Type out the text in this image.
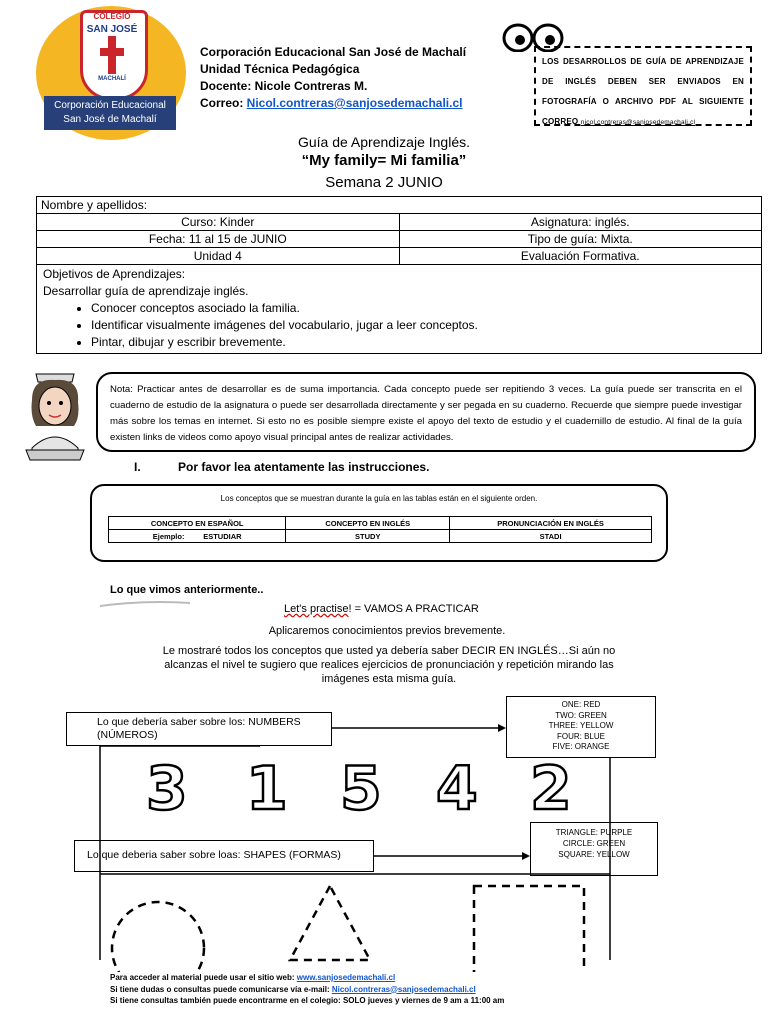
COLEGIO
SAN JOSÉ
MACHALÍ
Corporación Educacional San José de Machalí
Corporación Educacional San José de Machalí
Unidad Técnica Pedagógica
Docente: Nicole Contreras M.
Correo: Nicol.contreras@sanjosedemachali.cl
LOS DESARROLLOS DE GUÍA DE APRENDIZAJE DE INGLÉS DEBEN SER ENVIADOS EN FOTOGRAFÍA O ARCHIVO PDF AL SIGUIENTE CORREO nicol.contreras@sanjosedemachali.cl
Guía de Aprendizaje Inglés.
“My family= Mi familia”
Semana 2 JUNIO
Nombre y apellidos:	
Curso: Kinder	Asignatura: inglés.
Fecha: 11 al 15 de JUNIO	Tipo de guía: Mixta.
Unidad 4	Evaluación Formativa.
Objetivos de Aprendizajes:
Desarrollar guía de aprendizaje inglés.
• Conocer conceptos asociado la familia.
• Identificar visualmente imágenes del vocabulario, jugar a leer conceptos.
• Pintar, dibujar y escribir brevemente.
Nota: Practicar antes de desarrollar es de suma importancia. Cada concepto puede ser repitiendo 3 veces. La guía puede ser transcrita en el cuaderno de estudio de la asignatura o puede ser desarrollada directamente y ser pegada en su cuaderno. Recuerde que siempre puede investigar más sobre los temas en internet. Si esto no es posible siempre existe el apoyo del texto de estudio y el cuadernillo de estudio. Al final de la guía existen links de videos como apoyo visual principal antes de realizar actividades.
I.	Por favor lea atentamente las instrucciones.
Los conceptos que se muestran durante la guía en las tablas están en el siguiente orden.
CONCEPTO EN ESPAÑOL	CONCEPTO EN INGLÉS	PRONUNCIACIÓN EN INGLÉS
Ejemplo: ESTUDIAR	STUDY	STADI
Lo que vimos anteriormente..
Let's practise! = VAMOS A PRACTICAR
Aplicaremos conocimientos previos brevemente.
Le mostraré todos los conceptos que usted ya debería saber DECIR EN INGLÉS…Si aún no alcanzas el nivel te sugiero que realices ejercicios de pronunciación y repetición mirando las imágenes esta misma guía.
Lo que debería saber sobre los: NUMBERS (NÚMEROS)
ONE: RED
TWO: GREEN
THREE: YELLOW
FOUR: BLUE
FIVE: ORANGE
3 1 5 4 2
Lo que deberia saber sobre loas: SHAPES (FORMAS)
TRIANGLE: PURPLE
CIRCLE: GREEN
SQUARE: YELLOW
Para acceder al material puede usar el sitio web: www.sanjosedemachali.cl
Si tiene dudas o consultas puede comunicarse vía e-mail: Nicol.contreras@sanjosedemachali.cl
Si tiene consultas también puede encontrarme en el colegio: SOLO jueves y viernes de 9 am a 11:00 am
